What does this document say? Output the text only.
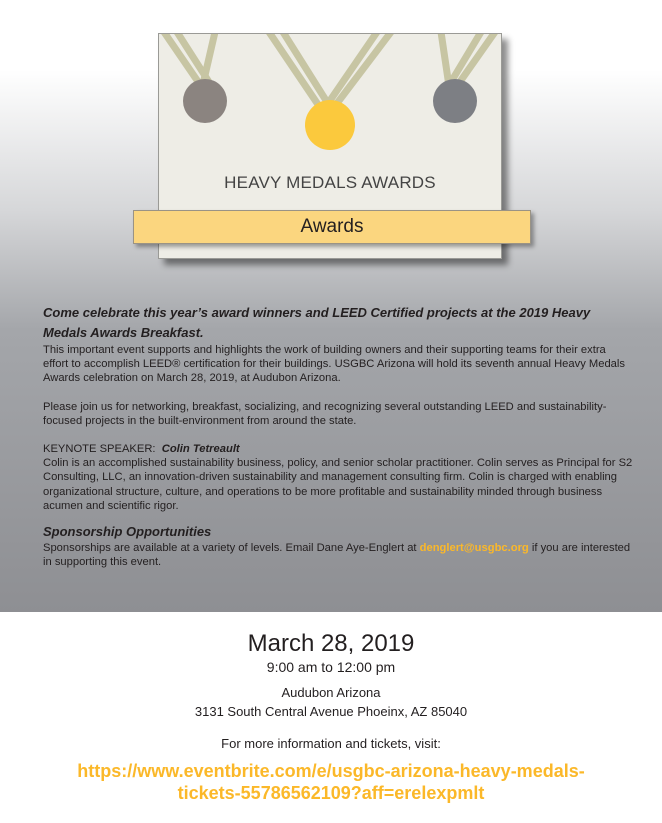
HEAVY MEDALS AWARDS
Awards

Come celebrate this year’s award winners and LEED Certified projects at the 2019 Heavy Medals Awards Breakfast.

This important event supports and highlights the work of building owners and their supporting teams for their extra effort to accomplish LEED® certification for their buildings. USGBC Arizona will hold its seventh annual Heavy Medals Awards celebration on March 28, 2019, at Audubon Arizona.

Please join us for networking, breakfast, socializing, and recognizing several outstanding LEED and sustainability-focused projects in the built-environment from around the state.

KEYNOTE SPEAKER: Colin Tetreault

Colin is an accomplished sustainability business, policy, and senior scholar practitioner. Colin serves as Principal for S2 Consulting, LLC, an innovation-driven sustainability and management consulting firm. Colin is charged with enabling organizational structure, culture, and operations to be more profitable and sustainability minded through business acumen and scientific rigor.

Sponsorship Opportunities

Sponsorships are available at a variety of levels. Email Dane Aye-Englert at denglert@usgbc.org if you are interested in supporting this event.

March 28, 2019
9:00 am to 12:00 pm
Audubon Arizona
3131 South Central Avenue Phoeinx, AZ 85040
For more information and tickets, visit:
https://www.eventbrite.com/e/usgbc-arizona-heavy-medals-tickets-55786562109?aff=erelexpmlt
